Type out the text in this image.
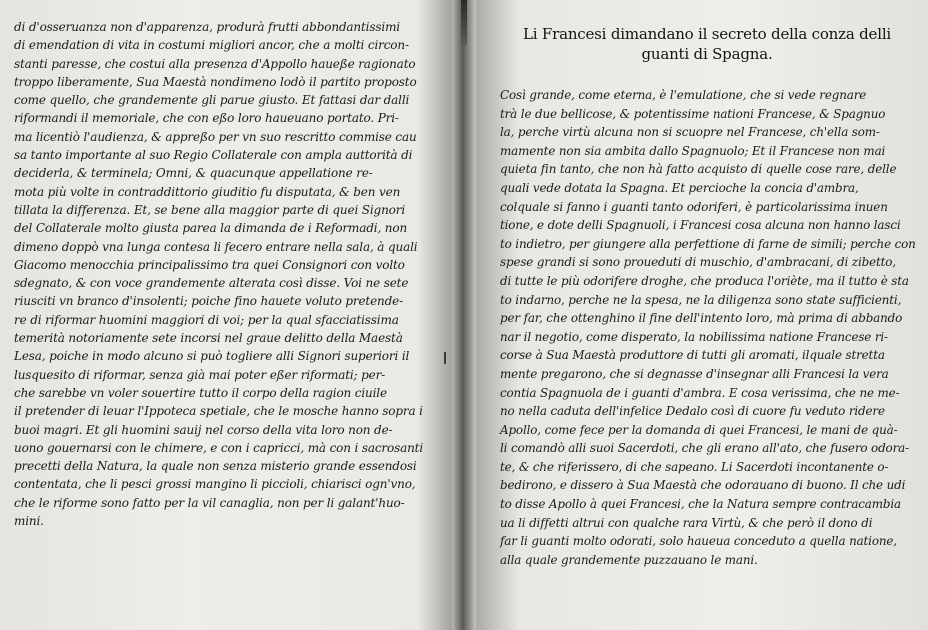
di d'osseruanza non d'apparenza, produrà frutti abbondantissimi
di emendation di vita in costumi migliori ancor, che a molti circon-
stanti paresse, che costui alla presenza d'Appollo haueße ragionato
troppo liberamente, Sua Maestà nondimeno lodò il partito proposto
come quello, che grandemente gli parue giusto. Et fattasi dar dalli
riformandi il memoriale, che con eßo loro haueuano portato. Pri-
ma licentiò l'audienza, & appreßo per vn suo rescritto commise cau
sa tanto importante al suo Regio Collaterale con ampla auttorità di
deciderla, & terminela; Omni, & quacunque appellatione re-
mota più volte in contraddittorio giuditio fu disputata, & ben ven
tillata la differenza. Et, se bene alla maggior parte di quei Signori
del Collaterale molto giusta parea la dimanda de i Reformadi, non
dimeno doppò vna lunga contesa li fecero entrare nella sala, à quali
Giacomo menocchia principalissimo tra quei Consignori con volto
sdegnato, & con voce grandemente alterata così disse. Voi ne sete
riusciti vn branco d'insolenti; poiche fino hauete voluto pretende-
re di riformar huomini maggiori di voi; per la qual sfacciatissima
temerità notoriamente sete incorsi nel graue delitto della Maestà
Lesa, poiche in modo alcuno si può togliere alli Signori superiori il
lusquesito di riformar, senza già mai poter eßer riformati; per-
che sarebbe vn voler souertire tutto il corpo della ragion ciuile
il pretender di leuar l'Ippoteca spetiale, che le mosche hanno sopra i
buoi magri. Et gli huomini sauij nel corso della vita loro non de-
uono gouernarsi con le chimere, e con i capricci, mà con i sacrosanti
precetti della Natura, la quale non senza misterio grande essendosi
contentata, che li pesci grossi mangino li piccioli, chiarisci ogn'vno,
che le riforme sono fatto per la vil canaglia, non per li galant'huo-
mini.
Li Francesi dimandano il secreto della conza delli
guanti di Spagna.
Così grande, come eterna, è l'emulatione, che si vede regnare
trà le due bellicose, & potentissime nationi Francese, & Spagnuo
la, perche virtù alcuna non si scuopre nel Francese, ch'ella som-
mamente non sia ambita dallo Spagnuolo; Et il Francese non mai
quieta fin tanto, che non hà fatto acquisto di quelle cose rare, delle
quali vede dotata la Spagna. Et percioche la concia d'ambra,
colquale si fanno i guanti tanto odoriferi, è particolarissima inuen
tione, e dote delli Spagnuoli, i Francesi cosa alcuna non hanno lasci
to indietro, per giungere alla perfettione di farne de simili; perche con
spese grandi si sono proueduti di muschio, d'ambracani, di zibetto,
di tutte le più odorifere droghe, che produca l'oriète, ma il tutto è sta
to indarno, perche ne la spesa, ne la diligenza sono state sufficienti,
per far, che ottenghino il fine dell'intento loro, mà prima di abbando
nar il negotio, come disperato, la nobilissima natione Francese ri-
corse à Sua Maestà produttore di tutti gli aromati, ilquale stretta
mente pregarono, che si degnasse d'insegnar alli Francesi la vera
contia Spagnuola de i guanti d'ambra. E cosa verissima, che ne me-
no nella caduta dell'infelice Dedalo così di cuore fu veduto ridere
Apollo, come fece per la domanda di quei Francesi, le mani de quà-
li comandò alli suoi Sacerdoti, che gli erano all'ato, che fusero odora-
te, & che riferissero, di che sapeano. Li Sacerdoti incontanente o-
bedirono, e dissero à Sua Maestà che odorauano di buono. Il che udi
to disse Apollo à quei Francesi, che la Natura sempre contracambia
ua li diffetti altrui con qualche rara Virtù, & che però il dono di
far li guanti molto odorati, solo haueua conceduto a quella natione,
alla quale grandemente puzzauano le mani.
